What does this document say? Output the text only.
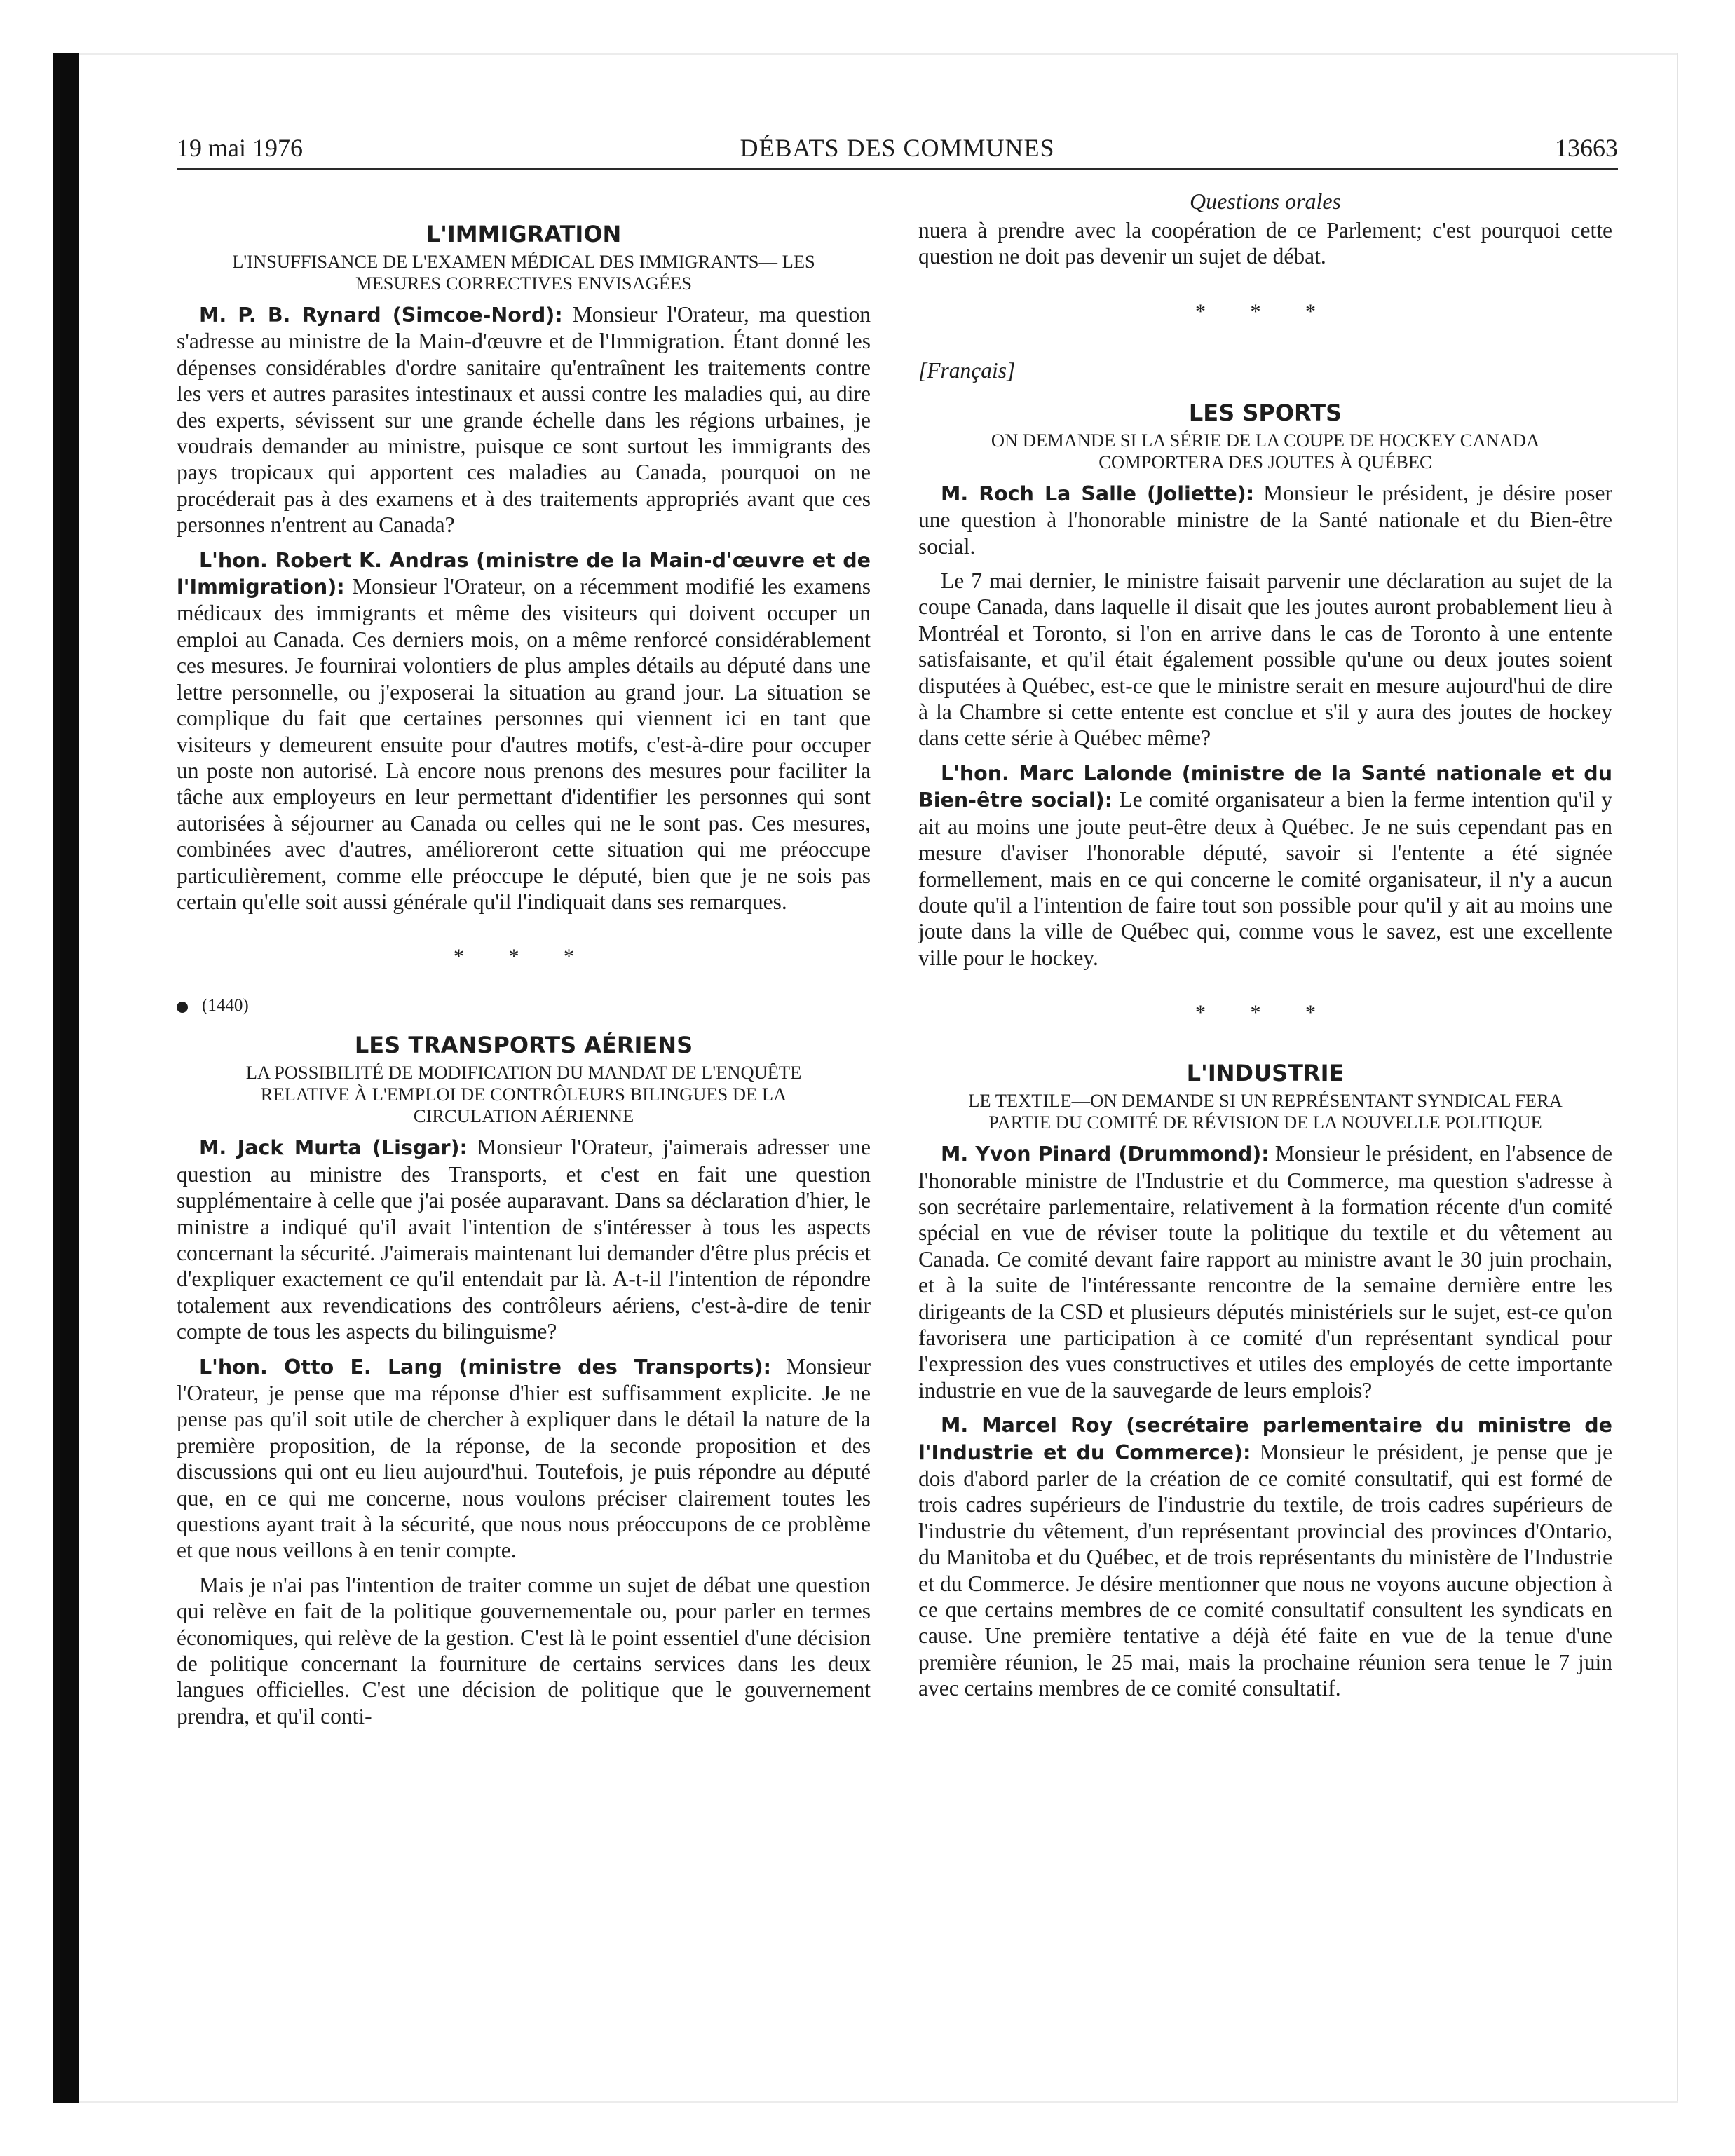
19 mai 1976	DÉBATS DES COMMUNES	13663
L'IMMIGRATION
L'INSUFFISANCE DE L'EXAMEN MÉDICAL DES IMMIGRANTS— LES MESURES CORRECTIVES ENVISAGÉES

M. P. B. Rynard (Simcoe-Nord): Monsieur l'Orateur, ma question s'adresse au ministre de la Main-d'œuvre et de l'Immigration. Étant donné les dépenses considérables d'ordre sanitaire qu'entraînent les traitements contre les vers et autres parasites intestinaux et aussi contre les maladies qui, au dire des experts, sévissent sur une grande échelle dans les régions urbaines, je voudrais demander au ministre, puisque ce sont surtout les immigrants des pays tropicaux qui apportent ces maladies au Canada, pourquoi on ne procéderait pas à des examens et à des traitements appropriés avant que ces personnes n'entrent au Canada?

L'hon. Robert K. Andras (ministre de la Main-d'œuvre et de l'Immigration): Monsieur l'Orateur, on a récemment modifié les examens médicaux des immigrants et même des visiteurs qui doivent occuper un emploi au Canada. Ces derniers mois, on a même renforcé considérablement ces mesures. Je fournirai volontiers de plus amples détails au député dans une lettre personnelle, ou j'exposerai la situation au grand jour. La situation se complique du fait que certaines personnes qui viennent ici en tant que visiteurs y demeurent ensuite pour d'autres motifs, c'est-à-dire pour occuper un poste non autorisé. Là encore nous prenons des mesures pour faciliter la tâche aux employeurs en leur permettant d'identifier les personnes qui sont autorisées à séjourner au Canada ou celles qui ne le sont pas. Ces mesures, combinées avec d'autres, amélioreront cette situation qui me préoccupe particulièrement, comme elle préoccupe le député, bien que je ne sois pas certain qu'elle soit aussi générale qu'il l'indiquait dans ses remarques.

* * *
(1440)
LES TRANSPORTS AÉRIENS
LA POSSIBILITÉ DE MODIFICATION DU MANDAT DE L'ENQUÊTE RELATIVE À L'EMPLOI DE CONTRÔLEURS BILINGUES DE LA CIRCULATION AÉRIENNE

M. Jack Murta (Lisgar): Monsieur l'Orateur, j'aimerais adresser une question au ministre des Transports, et c'est en fait une question supplémentaire à celle que j'ai posée auparavant. Dans sa déclaration d'hier, le ministre a indiqué qu'il avait l'intention de s'intéresser à tous les aspects concernant la sécurité. J'aimerais maintenant lui demander d'être plus précis et d'expliquer exactement ce qu'il entendait par là. A-t-il l'intention de répondre totalement aux revendications des contrôleurs aériens, c'est-à-dire de tenir compte de tous les aspects du bilinguisme?

L'hon. Otto E. Lang (ministre des Transports): Monsieur l'Orateur, je pense que ma réponse d'hier est suffisamment explicite. Je ne pense pas qu'il soit utile de chercher à expliquer dans le détail la nature de la première proposition, de la réponse, de la seconde proposition et des discussions qui ont eu lieu aujourd'hui. Toutefois, je puis répondre au député que, en ce qui me concerne, nous voulons préciser clairement toutes les questions ayant trait à la sécurité, que nous nous préoccupons de ce problème et que nous veillons à en tenir compte.

Mais je n'ai pas l'intention de traiter comme un sujet de débat une question qui relève en fait de la politique gouvernementale ou, pour parler en termes économiques, qui relève de la gestion. C'est là le point essentiel d'une décision de politique concernant la fourniture de certains services dans les deux langues officielles. C'est une décision de politique que le gouvernement prendra, et qu'il conti-

Questions orales

nuera à prendre avec la coopération de ce Parlement; c'est pourquoi cette question ne doit pas devenir un sujet de débat.

* * *
[Français]
LES SPORTS
ON DEMANDE SI LA SÉRIE DE LA COUPE DE HOCKEY CANADA COMPORTERA DES JOUTES À QUÉBEC

M. Roch La Salle (Joliette): Monsieur le président, je désire poser une question à l'honorable ministre de la Santé nationale et du Bien-être social.

Le 7 mai dernier, le ministre faisait parvenir une déclaration au sujet de la coupe Canada, dans laquelle il disait que les joutes auront probablement lieu à Montréal et Toronto, si l'on en arrive dans le cas de Toronto à une entente satisfaisante, et qu'il était également possible qu'une ou deux joutes soient disputées à Québec, est-ce que le ministre serait en mesure aujourd'hui de dire à la Chambre si cette entente est conclue et s'il y aura des joutes de hockey dans cette série à Québec même?

L'hon. Marc Lalonde (ministre de la Santé nationale et du Bien-être social): Le comité organisateur a bien la ferme intention qu'il y ait au moins une joute peut-être deux à Québec. Je ne suis cependant pas en mesure d'aviser l'honorable député, savoir si l'entente a été signée formellement, mais en ce qui concerne le comité organisateur, il n'y a aucun doute qu'il a l'intention de faire tout son possible pour qu'il y ait au moins une joute dans la ville de Québec qui, comme vous le savez, est une excellente ville pour le hockey.

* * *
L'INDUSTRIE
LE TEXTILE—ON DEMANDE SI UN REPRÉSENTANT SYNDICAL FERA PARTIE DU COMITÉ DE RÉVISION DE LA NOUVELLE POLITIQUE

M. Yvon Pinard (Drummond): Monsieur le président, en l'absence de l'honorable ministre de l'Industrie et du Commerce, ma question s'adresse à son secrétaire parlementaire, relativement à la formation récente d'un comité spécial en vue de réviser toute la politique du textile et du vêtement au Canada. Ce comité devant faire rapport au ministre avant le 30 juin prochain, et à la suite de l'intéressante rencontre de la semaine dernière entre les dirigeants de la CSD et plusieurs députés ministériels sur le sujet, est-ce qu'on favorisera une participation à ce comité d'un représentant syndical pour l'expression des vues constructives et utiles des employés de cette importante industrie en vue de la sauvegarde de leurs emplois?

M. Marcel Roy (secrétaire parlementaire du ministre de l'Industrie et du Commerce): Monsieur le président, je pense que je dois d'abord parler de la création de ce comité consultatif, qui est formé de trois cadres supérieurs de l'industrie du textile, de trois cadres supérieurs de l'industrie du vêtement, d'un représentant provincial des provinces d'Ontario, du Manitoba et du Québec, et de trois représentants du ministère de l'Industrie et du Commerce. Je désire mentionner que nous ne voyons aucune objection à ce que certains membres de ce comité consultatif consultent les syndicats en cause. Une première tentative a déjà été faite en vue de la tenue d'une première réunion, le 25 mai, mais la prochaine réunion sera tenue le 7 juin avec certains membres de ce comité consultatif.
